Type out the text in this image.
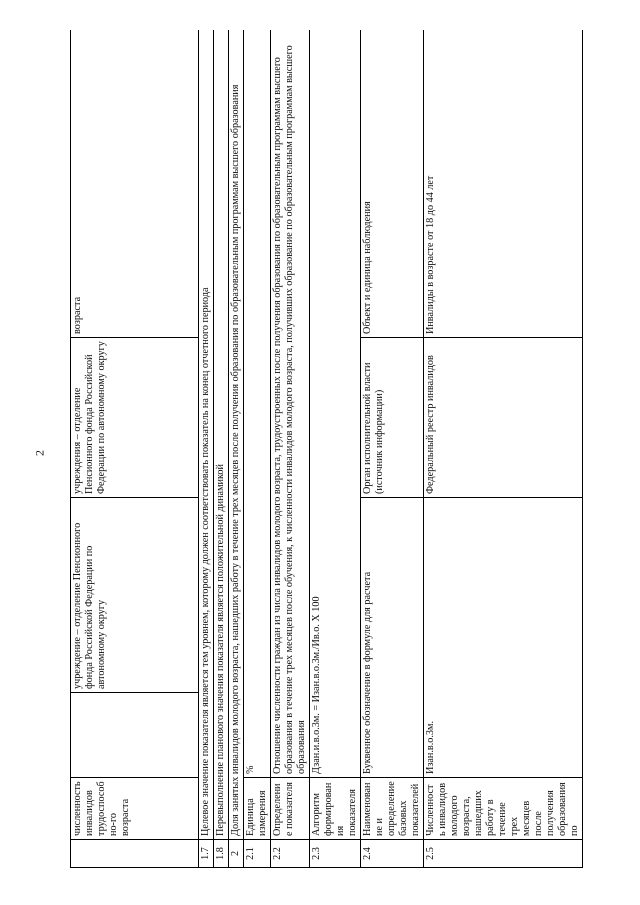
2
	численность инвалидов трудоспособно-го возраста		учреждение – отделение Пенсионного фонда Российской Федерации по автономному округу	учреждения – отделение Пенсионного фонда Российской Федерации по автономному округу	возраста
1.7	Целевое значение показателя является тем уровнем, которому должен соответствовать показатель на конец отчетного периода				
1.8	Перевыполнение планового значения показателя является положительной динамикой				
2	Доля занятых инвалидов молодого возраста, нашедших работу в течение трех месяцев после получения образования по образовательным программам высшего образования				
2.1	Единица измерения	%			
2.2	Определение показателя	Отношение численности граждан из числа инвалидов молодого возраста, трудоустроенных после получения образования по образовательным программам высшего образования в течение трех месяцев после обучения, к численности инвалидов молодого возраста, получивших образование по образовательным программам высшего образования			
2.3	Алгоритм формирования показателя	Дзан.и.в.о.3м. = Изан.в.о.3м./Ив.о. X 100			
2.4	Наименование и определение базовых показателей	Буквенное обозначение в формуле для расчета		Орган исполнительной власти (источник информации)	Объект и единица наблюдения
2.5	Численность инвалидов молодого возраста, нашедших работу в течение трех месяцев после получения образования по	Изан.в.о.3м.		Федеральный реестр инвалидов	Инвалиды в возрасте от 18 до 44 лет
